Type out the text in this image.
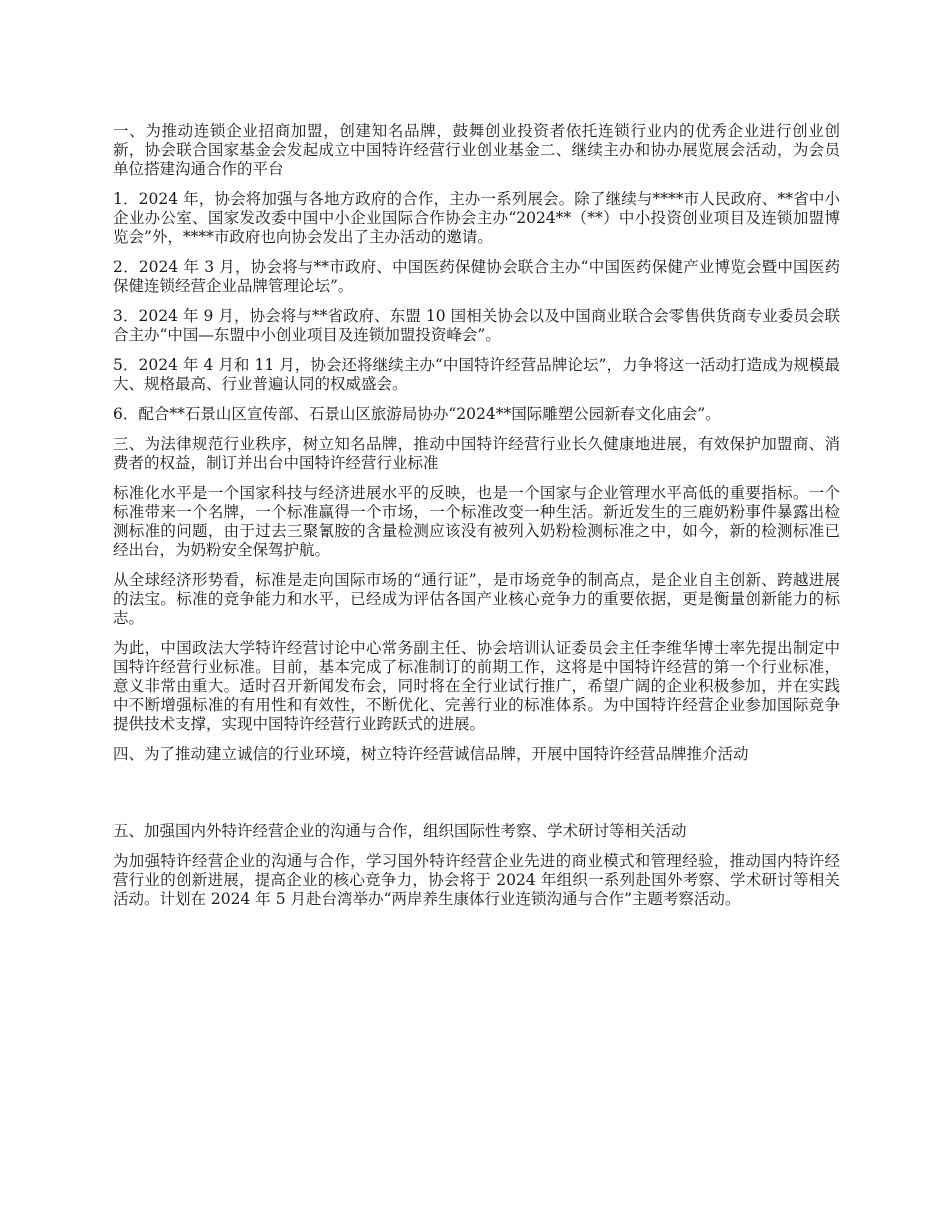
一、为推动连锁企业招商加盟，创建知名品牌，鼓舞创业投资者依托连锁行业内的优秀企业进行创业创新，协会联合国家基金会发起成立中国特许经营行业创业基金二、继续主办和协办展览展会活动，为会员单位搭建沟通合作的平台

1．2024 年，协会将加强与各地方政府的合作，主办一系列展会。除了继续与****市人民政府、**省中小企业办公室、国家发改委中国中小企业国际合作协会主办“2024**（**）中小投资创业项目及连锁加盟博览会”外，****市政府也向协会发出了主办活动的邀请。

2．2024 年 3 月，协会将与**市政府、中国医药保健协会联合主办“中国医药保健产业博览会暨中国医药保健连锁经营企业品牌管理论坛”。

3．2024 年 9 月，协会将与**省政府、东盟 10 国相关协会以及中国商业联合会零售供货商专业委员会联合主办“中国—东盟中小创业项目及连锁加盟投资峰会”。

5．2024 年 4 月和 11 月，协会还将继续主办“中国特许经营品牌论坛”，力争将这一活动打造成为规模最大、规格最高、行业普遍认同的权威盛会。

6．配合**石景山区宣传部、石景山区旅游局协办“2024**国际雕塑公园新春文化庙会”。

三、为法律规范行业秩序，树立知名品牌，推动中国特许经营行业长久健康地进展，有效保护加盟商、消费者的权益，制订并出台中国特许经营行业标准

标准化水平是一个国家科技与经济进展水平的反映，也是一个国家与企业管理水平高低的重要指标。一个标准带来一个名牌，一个标准赢得一个市场，一个标准改变一种生活。新近发生的三鹿奶粉事件暴露出检测标准的问题，由于过去三聚氰胺的含量检测应该没有被列入奶粉检测标准之中，如今，新的检测标准已经出台，为奶粉安全保驾护航。

从全球经济形势看，标准是走向国际市场的“通行证”，是市场竞争的制高点，是企业自主创新、跨越进展的法宝。标准的竞争能力和水平，已经成为评估各国产业核心竞争力的重要依据，更是衡量创新能力的标志。

为此，中国政法大学特许经营讨论中心常务副主任、协会培训认证委员会主任李维华博士率先提出制定中国特许经营行业标准。目前，基本完成了标准制订的前期工作，这将是中国特许经营的第一个行业标准，意义非常由重大。适时召开新闻发布会，同时将在全行业试行推广，希望广阔的企业积极参加，并在实践中不断增强标准的有用性和有效性，不断优化、完善行业的标准体系。为中国特许经营企业参加国际竞争提供技术支撑，实现中国特许经营行业跨跃式的进展。

四、为了推动建立诚信的行业环境，树立特许经营诚信品牌，开展中国特许经营品牌推介活动

五、加强国内外特许经营企业的沟通与合作，组织国际性考察、学术研讨等相关活动

为加强特许经营企业的沟通与合作，学习国外特许经营企业先进的商业模式和管理经验，推动国内特许经营行业的创新进展，提高企业的核心竞争力，协会将于 2024 年组织一系列赴国外考察、学术研讨等相关活动。计划在 2024 年 5 月赴台湾举办“两岸养生康体行业连锁沟通与合作”主题考察活动。
